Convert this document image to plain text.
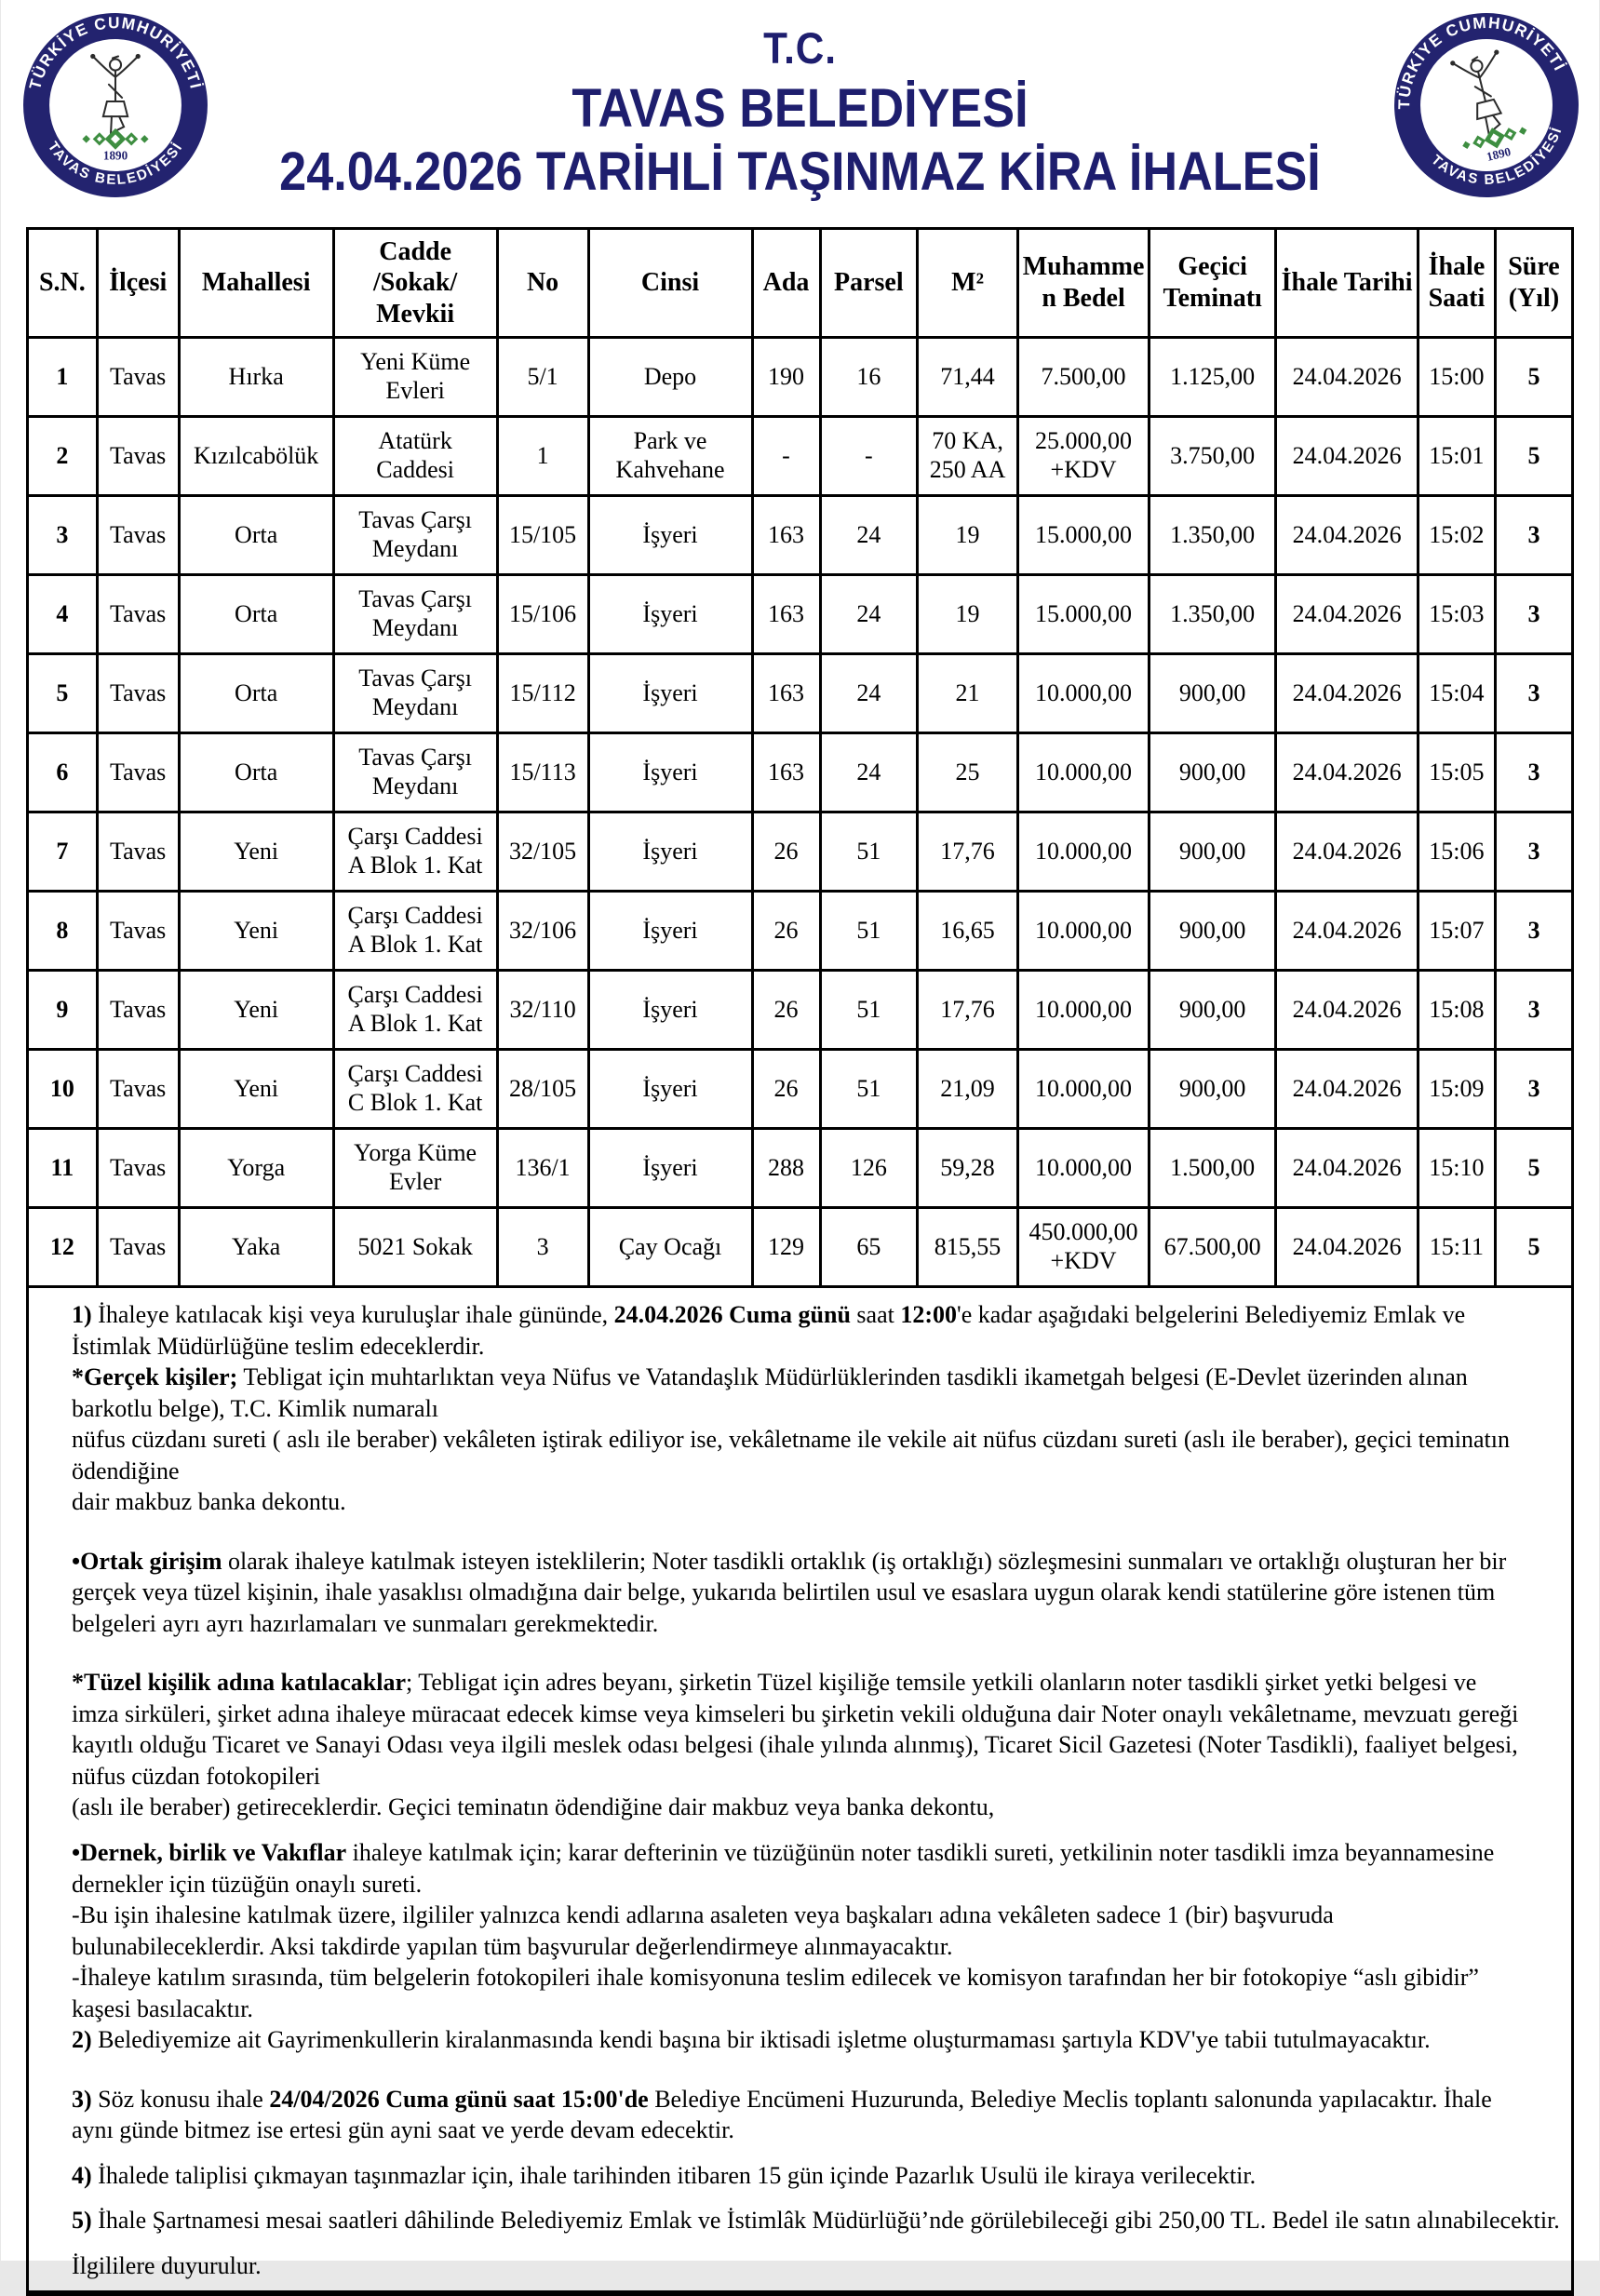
T.C.
TAVAS BELEDİYESİ
24.04.2026 TARİHLİ TAŞINMAZ KİRA İHALESİ
S.N.	İlçesi	Mahallesi	Cadde /Sokak/ Mevkii	No	Cinsi	Ada	Parsel	M²	Muhammen Bedel	Geçici Teminatı	İhale Tarihi	İhale Saati	Süre (Yıl)
1	Tavas	Hırka	Yeni Küme Evleri	5/1	Depo	190	16	71,44	7.500,00	1.125,00	24.04.2026	15:00	5
2	Tavas	Kızılcabölük	Atatürk Caddesi	1	Park ve Kahvehane	-	-	70 KA, 250 AA	25.000,00 +KDV	3.750,00	24.04.2026	15:01	5
3	Tavas	Orta	Tavas Çarşı Meydanı	15/105	İşyeri	163	24	19	15.000,00	1.350,00	24.04.2026	15:02	3
4	Tavas	Orta	Tavas Çarşı Meydanı	15/106	İşyeri	163	24	19	15.000,00	1.350,00	24.04.2026	15:03	3
5	Tavas	Orta	Tavas Çarşı Meydanı	15/112	İşyeri	163	24	21	10.000,00	900,00	24.04.2026	15:04	3
6	Tavas	Orta	Tavas Çarşı Meydanı	15/113	İşyeri	163	24	25	10.000,00	900,00	24.04.2026	15:05	3
7	Tavas	Yeni	Çarşı Caddesi A Blok 1. Kat	32/105	İşyeri	26	51	17,76	10.000,00	900,00	24.04.2026	15:06	3
8	Tavas	Yeni	Çarşı Caddesi A Blok 1. Kat	32/106	İşyeri	26	51	16,65	10.000,00	900,00	24.04.2026	15:07	3
9	Tavas	Yeni	Çarşı Caddesi A Blok 1. Kat	32/110	İşyeri	26	51	17,76	10.000,00	900,00	24.04.2026	15:08	3
10	Tavas	Yeni	Çarşı Caddesi C Blok 1. Kat	28/105	İşyeri	26	51	21,09	10.000,00	900,00	24.04.2026	15:09	3
11	Tavas	Yorga	Yorga Küme Evler	136/1	İşyeri	288	126	59,28	10.000,00	1.500,00	24.04.2026	15:10	5
12	Tavas	Yaka	5021 Sokak	3	Çay Ocağı	129	65	815,55	450.000,00 +KDV	67.500,00	24.04.2026	15:11	5

1) İhaleye katılacak kişi veya kuruluşlar ihale gününde, 24.04.2026 Cuma günü saat 12:00'e kadar aşağıdaki belgelerini Belediyemiz Emlak ve İstimlak Müdürlüğüne teslim edeceklerdir.

*Gerçek kişiler; Tebligat için muhtarlıktan veya Nüfus ve Vatandaşlık Müdürlüklerinden tasdikli ikametgah belgesi (E-Devlet üzerinden alınan barkotlu belge), T.C. Kimlik numaralı

nüfus cüzdanı sureti ( aslı ile beraber) vekâleten iştirak ediliyor ise, vekâletname ile vekile ait nüfus cüzdanı sureti (aslı ile beraber), geçici teminatın ödendiğine

dair makbuz banka dekontu.

•Ortak girişim olarak ihaleye katılmak isteyen isteklilerin; Noter tasdikli ortaklık (iş ortaklığı) sözleşmesini sunmaları ve ortaklığı oluşturan her bir gerçek veya tüzel kişinin, ihale yasaklısı olmadığına dair belge, yukarıda belirtilen usul ve esaslara uygun olarak kendi statülerine göre istenen tüm belgeleri ayrı ayrı hazırlamaları ve sunmaları gerekmektedir.

*Tüzel kişilik adına katılacaklar; Tebligat için adres beyanı, şirketin Tüzel kişiliğe temsile yetkili olanların noter tasdikli şirket yetki belgesi ve imza sirküleri, şirket adına ihaleye müracaat edecek kimse veya kimseleri bu şirketin vekili olduğuna dair Noter onaylı vekâletname, mevzuatı gereği kayıtlı olduğu Ticaret ve Sanayi Odası veya ilgili meslek odası belgesi (ihale yılında alınmış), Ticaret Sicil Gazetesi (Noter Tasdikli), faaliyet belgesi, nüfus cüzdan fotokopileri

(aslı ile beraber) getireceklerdir. Geçici teminatın ödendiğine dair makbuz veya banka dekontu,

•Dernek, birlik ve Vakıflar ihaleye katılmak için; karar defterinin ve tüzüğünün noter tasdikli sureti, yetkilinin noter tasdikli imza beyannamesine dernekler için tüzüğün onaylı sureti.

-Bu işin ihalesine katılmak üzere, ilgililer yalnızca kendi adlarına asaleten veya başkaları adına vekâleten sadece 1 (bir) başvuruda bulunabileceklerdir. Aksi takdirde yapılan tüm başvurular değerlendirmeye alınmayacaktır.

-İhaleye katılım sırasında, tüm belgelerin fotokopileri ihale komisyonuna teslim edilecek ve komisyon tarafından her bir fotokopiye “aslı gibidir” kaşesi basılacaktır.

2) Belediyemize ait Gayrimenkullerin kiralanmasında kendi başına bir iktisadi işletme oluşturmaması şartıyla KDV'ye tabii tutulmayacaktır.

3) Söz konusu ihale 24/04/2026 Cuma günü saat 15:00'de Belediye Encümeni Huzurunda, Belediye Meclis toplantı salonunda yapılacaktır. İhale aynı günde bitmez ise ertesi gün ayni saat ve yerde devam edecektir.

4) İhalede taliplisi çıkmayan taşınmazlar için, ihale tarihinden itibaren 15 gün içinde Pazarlık Usulü ile kiraya verilecektir.

5) İhale Şartnamesi mesai saatleri dâhilinde Belediyemiz Emlak ve İstimlâk Müdürlüğü’nde görülebileceği gibi 250,00 TL. Bedel ile satın alınabilecektir.

İlgililere duyurulur.
